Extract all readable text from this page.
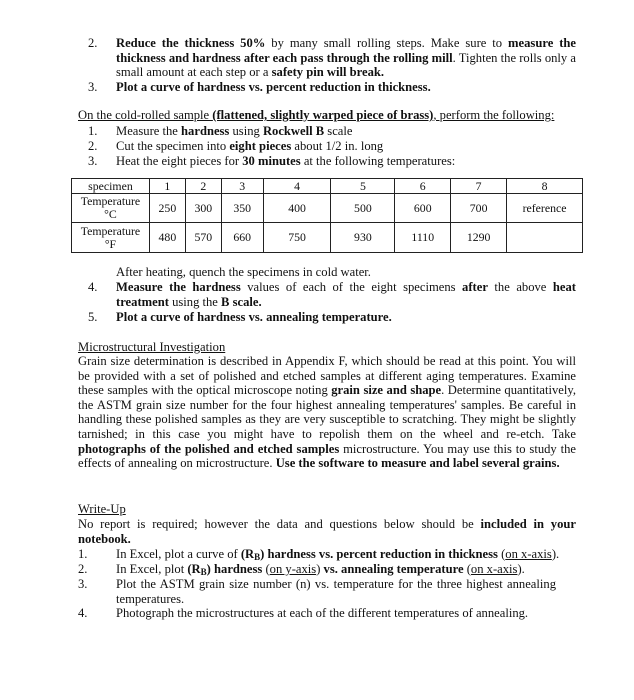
2. Reduce the thickness 50% by many small rolling steps. Make sure to measure the thickness and hardness after each pass through the rolling mill. Tighten the rolls only a small amount at each step or a safety pin will break.
3. Plot a curve of hardness vs. percent reduction in thickness.
On the cold-rolled sample (flattened, slightly warped piece of brass), perform the following:
1. Measure the hardness using Rockwell B scale
2. Cut the specimen into eight pieces about 1/2 in. long
3. Heat the eight pieces for 30 minutes at the following temperatures:
specimen	1	2	3	4	5	6	7	8
Temperature
°C	250	300	350	400	500	600	700	reference
Temperature
°F	480	570	660	750	930	1110	1290	
After heating, quench the specimens in cold water.
4. Measure the hardness values of each of the eight specimens after the above heat treatment using the B scale.
5. Plot a curve of hardness vs. annealing temperature.
Microstructural Investigation
Grain size determination is described in Appendix F, which should be read at this point. You will be provided with a set of polished and etched samples at different aging temperatures. Examine these samples with the optical microscope noting grain size and shape. Determine quantitatively, the ASTM grain size number for the four highest annealing temperatures' samples. Be careful in handling these polished samples as they are very susceptible to scratching. They might be slightly tarnished; in this case you might have to repolish them on the wheel and re-etch. Take photographs of the polished and etched samples microstructure. You may use this to study the effects of annealing on microstructure. Use the software to measure and label several grains.
Write-Up
No report is required; however the data and questions below should be included in your notebook.
1. In Excel, plot a curve of $(R_B)$ hardness vs. percent reduction in thickness (on x-axis).
2. In Excel, plot $(R_B)$ hardness (on y-axis) vs. annealing temperature (on x-axis).
3. Plot the ASTM grain size number (n) vs. temperature for the three highest annealing temperatures.
4. Photograph the microstructures at each of the different temperatures of annealing.
